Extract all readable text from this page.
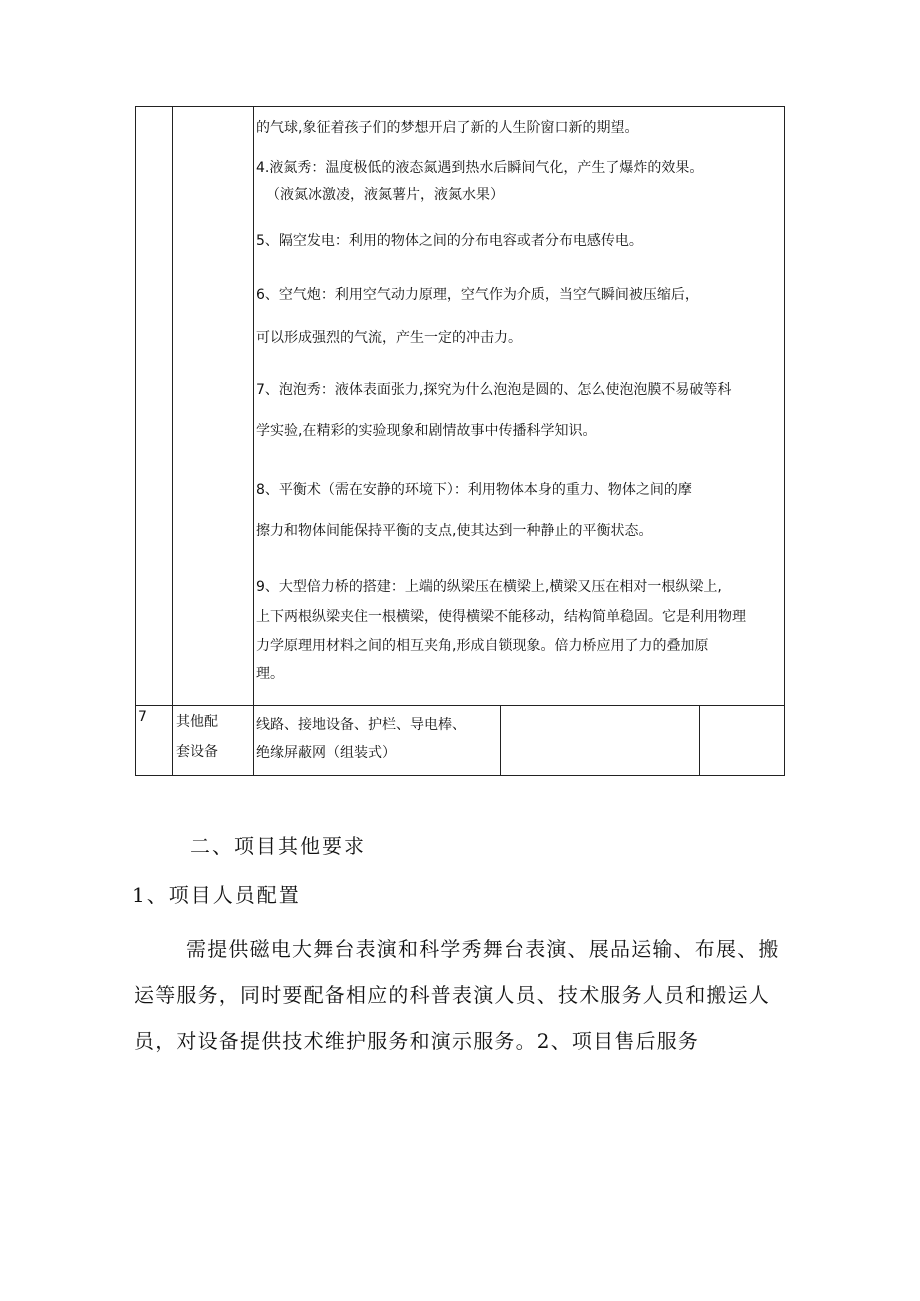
的气球,象征着孩子们的梦想开启了新的人生阶窗口新的期望。
4.液氮秀：温度极低的液态氮遇到热水后瞬间气化，产生了爆炸的效果。
（液氮冰激凌，液氮薯片，液氮水果）
5、隔空发电：利用的物体之间的分布电容或者分布电感传电。
6、空气炮：利用空气动力原理，空气作为介质，当空气瞬间被压缩后，
可以形成强烈的气流，产生一定的冲击力。
7、泡泡秀：液体表面张力,探究为什么泡泡是圆的、怎么使泡泡膜不易破等科
学实验,在精彩的实验现象和剧情故事中传播科学知识。
8、平衡术（需在安静的环境下）：利用物体本身的重力、物体之间的摩
擦力和物体间能保持平衡的支点,使其达到一种静止的平衡状态。
9、大型倍力桥的搭建：上端的纵梁压在横梁上,横梁又压在相对一根纵梁上,
上下两根纵梁夹住一根横梁，使得横梁不能移动，结构简单稳固。它是利用物理
力学原理用材料之间的相互夹角,形成自锁现象。倍力桥应用了力的叠加原
理。
7 其他配
套设备
线路、接地设备、护栏、导电棒、
绝缘屏蔽网（组装式）
二、项目其他要求
1、项目人员配置

需提供磁电大舞台表演和科学秀舞台表演、展品运输、布展、搬运等服务，同时要配备相应的科普表演人员、技术服务人员和搬运人员，对设备提供技术维护服务和演示服务。2、项目售后服务
